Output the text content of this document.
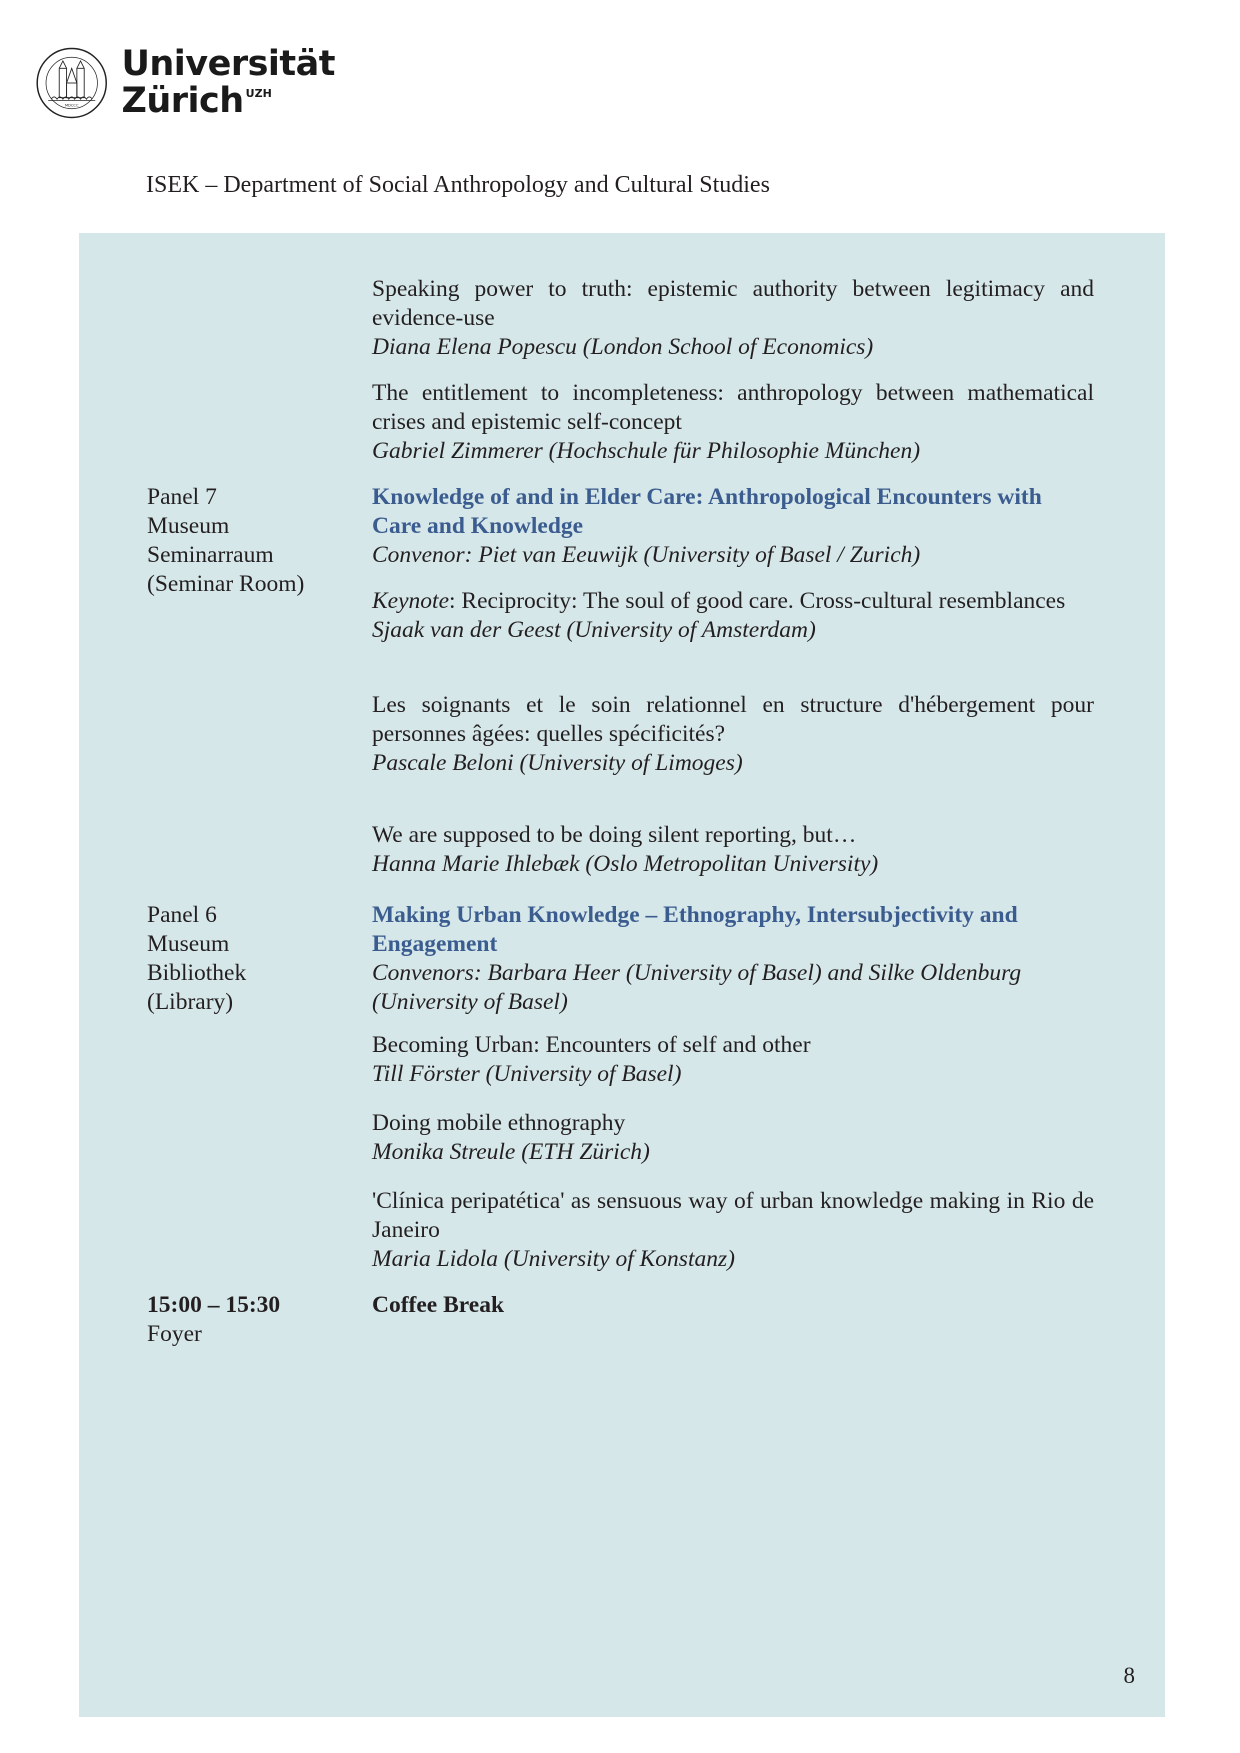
MDCCC
Universität
Zürich $^{UZH}$
ISEK – Department of Social Anthropology and Cultural Studies
Speaking power to truth: epistemic authority between legitimacy and evidence-use
Diana Elena Popescu (London School of Economics)
The entitlement to incompleteness: anthropology between mathematical crises and epistemic self-concept
Gabriel Zimmerer (Hochschule für Philosophie München)
Panel 7
Museum
Seminarraum
(Seminar Room)
Knowledge of and in Elder Care: Anthropological Encounters with Care and Knowledge
Convenor: Piet van Eeuwijk (University of Basel / Zurich)
Keynote: Reciprocity: The soul of good care. Cross-cultural resemblances
Sjaak van der Geest (University of Amsterdam)
Les soignants et le soin relationnel en structure d'hébergement pour personnes âgées: quelles spécificités?
Pascale Beloni (University of Limoges)
We are supposed to be doing silent reporting, but…
Hanna Marie Ihlebæk (Oslo Metropolitan University)
Panel 6
Museum
Bibliothek
(Library)
Making Urban Knowledge – Ethnography, Intersubjectivity and Engagement
Convenors: Barbara Heer (University of Basel) and Silke Oldenburg (University of Basel)
Becoming Urban: Encounters of self and other
Till Förster (University of Basel)
Doing mobile ethnography
Monika Streule (ETH Zürich)
'Clínica peripatética' as sensuous way of urban knowledge making in Rio de Janeiro
Maria Lidola (University of Konstanz)
15:00 – 15:30
Foyer
Coffee Break
8
